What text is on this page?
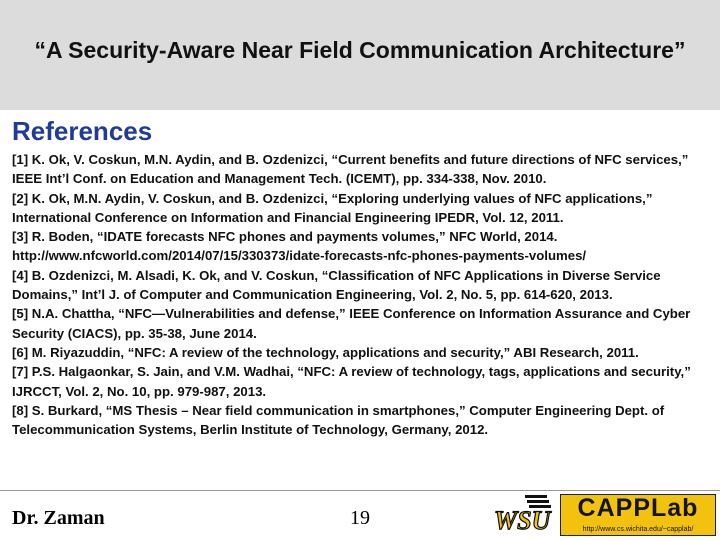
“A Security-Aware Near Field Communication Architecture”
References
[1] K. Ok, V. Coskun, M.N. Aydin, and B. Ozdenizci, “Current benefits and future directions of NFC services,” IEEE Int’l Conf. on Education and Management Tech. (ICEMT), pp. 334-338, Nov. 2010.
[2] K. Ok, M.N. Aydin, V. Coskun, and B. Ozdenizci, “Exploring underlying values of NFC applications,” International Conference on Information and Financial Engineering IPEDR, Vol. 12, 2011.
[3] R. Boden, “IDATE forecasts NFC phones and payments volumes,” NFC World, 2014. http://www.nfcworld.com/2014/07/15/330373/idate-forecasts-nfc-phones-payments-volumes/
[4] B. Ozdenizci, M. Alsadi, K. Ok, and V. Coskun, “Classification of NFC Applications in Diverse Service Domains,” Int’l J. of Computer and Communication Engineering, Vol. 2, No. 5, pp. 614-620, 2013.
[5] N.A. Chattha, “NFC—Vulnerabilities and defense,” IEEE Conference on Information Assurance and Cyber Security (CIACS), pp. 35-38, June 2014.
[6] M. Riyazuddin, “NFC: A review of the technology, applications and security,” ABI Research, 2011.
[7] P.S. Halgaonkar, S. Jain, and V.M. Wadhai, “NFC: A review of technology, tags, applications and security,” IJRCCT, Vol. 2, No. 10, pp. 979-987, 2013.
[8] S. Burkard, “MS Thesis – Near field communication in smartphones,” Computer Engineering Dept. of Telecommunication Systems, Berlin Institute of Technology, Germany, 2012.
Dr. Zaman	19	WSU	CAPPLab
http://www.cs.wichita.edu/~capplab/
